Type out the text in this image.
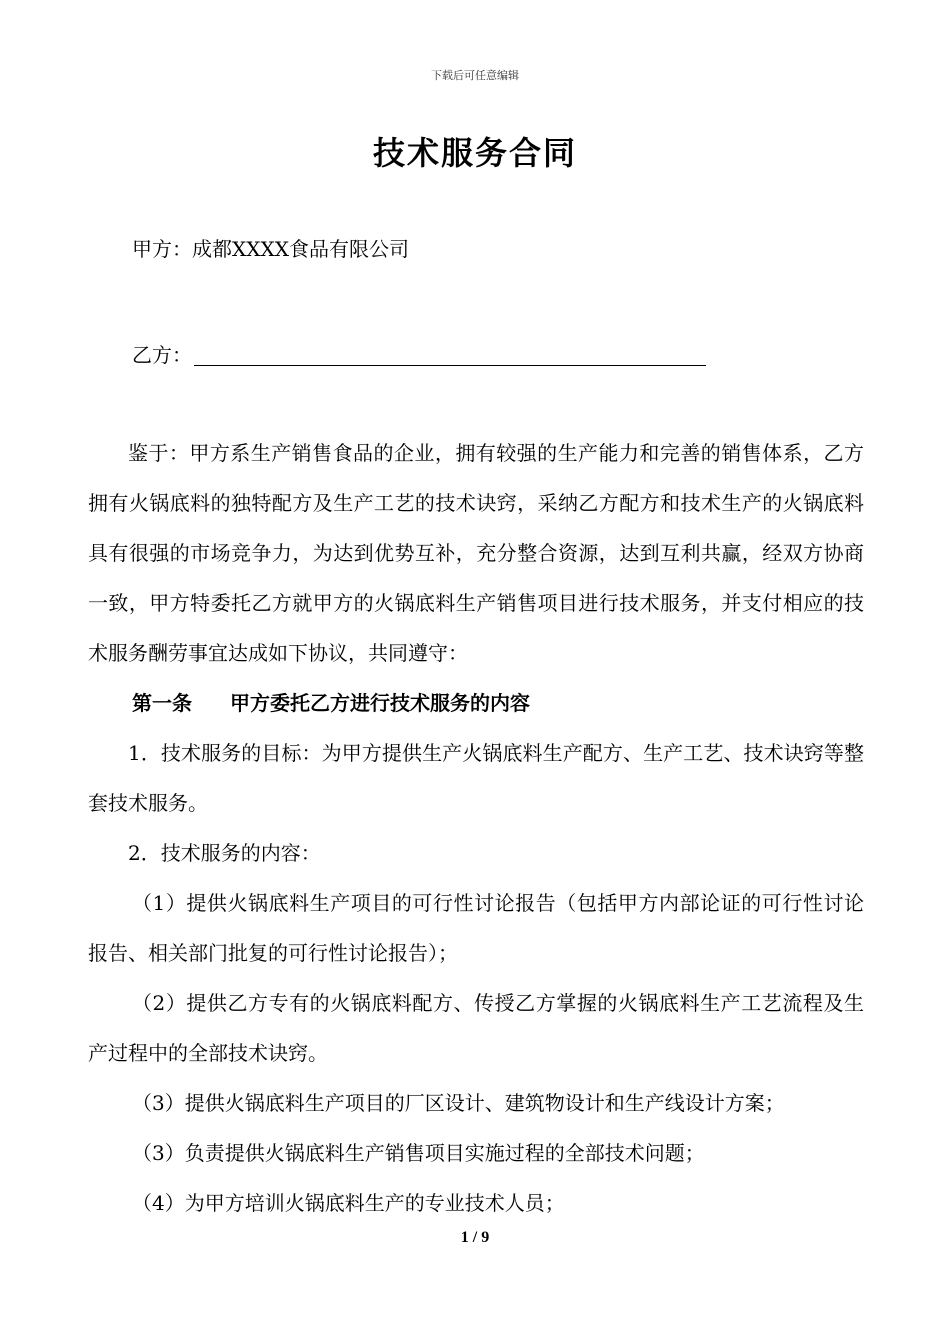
下载后可任意编辑
技术服务合同
甲方：成都XXXX食品有限公司
乙方：

鉴于：甲方系生产销售食品的企业，拥有较强的生产能力和完善的销售体系，乙方拥有火锅底料的独特配方及生产工艺的技术诀窍，采纳乙方配方和技术生产的火锅底料具有很强的市场竞争力，为达到优势互补，充分整合资源，达到互利共赢，经双方协商一致，甲方特委托乙方就甲方的火锅底料生产销售项目进行技术服务，并支付相应的技术服务酬劳事宜达成如下协议，共同遵守：

第一条 甲方委托乙方进行技术服务的内容

1．技术服务的目标：为甲方提供生产火锅底料生产配方、生产工艺、技术诀窍等整套技术服务。

2．技术服务的内容：

（1）提供火锅底料生产项目的可行性讨论报告（包括甲方内部论证的可行性讨论报告、相关部门批复的可行性讨论报告）；

（2）提供乙方专有的火锅底料配方、传授乙方掌握的火锅底料生产工艺流程及生产过程中的全部技术诀窍。

（3）提供火锅底料生产项目的厂区设计、建筑物设计和生产线设计方案；

（3）负责提供火锅底料生产销售项目实施过程的全部技术问题；

（4）为甲方培训火锅底料生产的专业技术人员；

1 / 9
